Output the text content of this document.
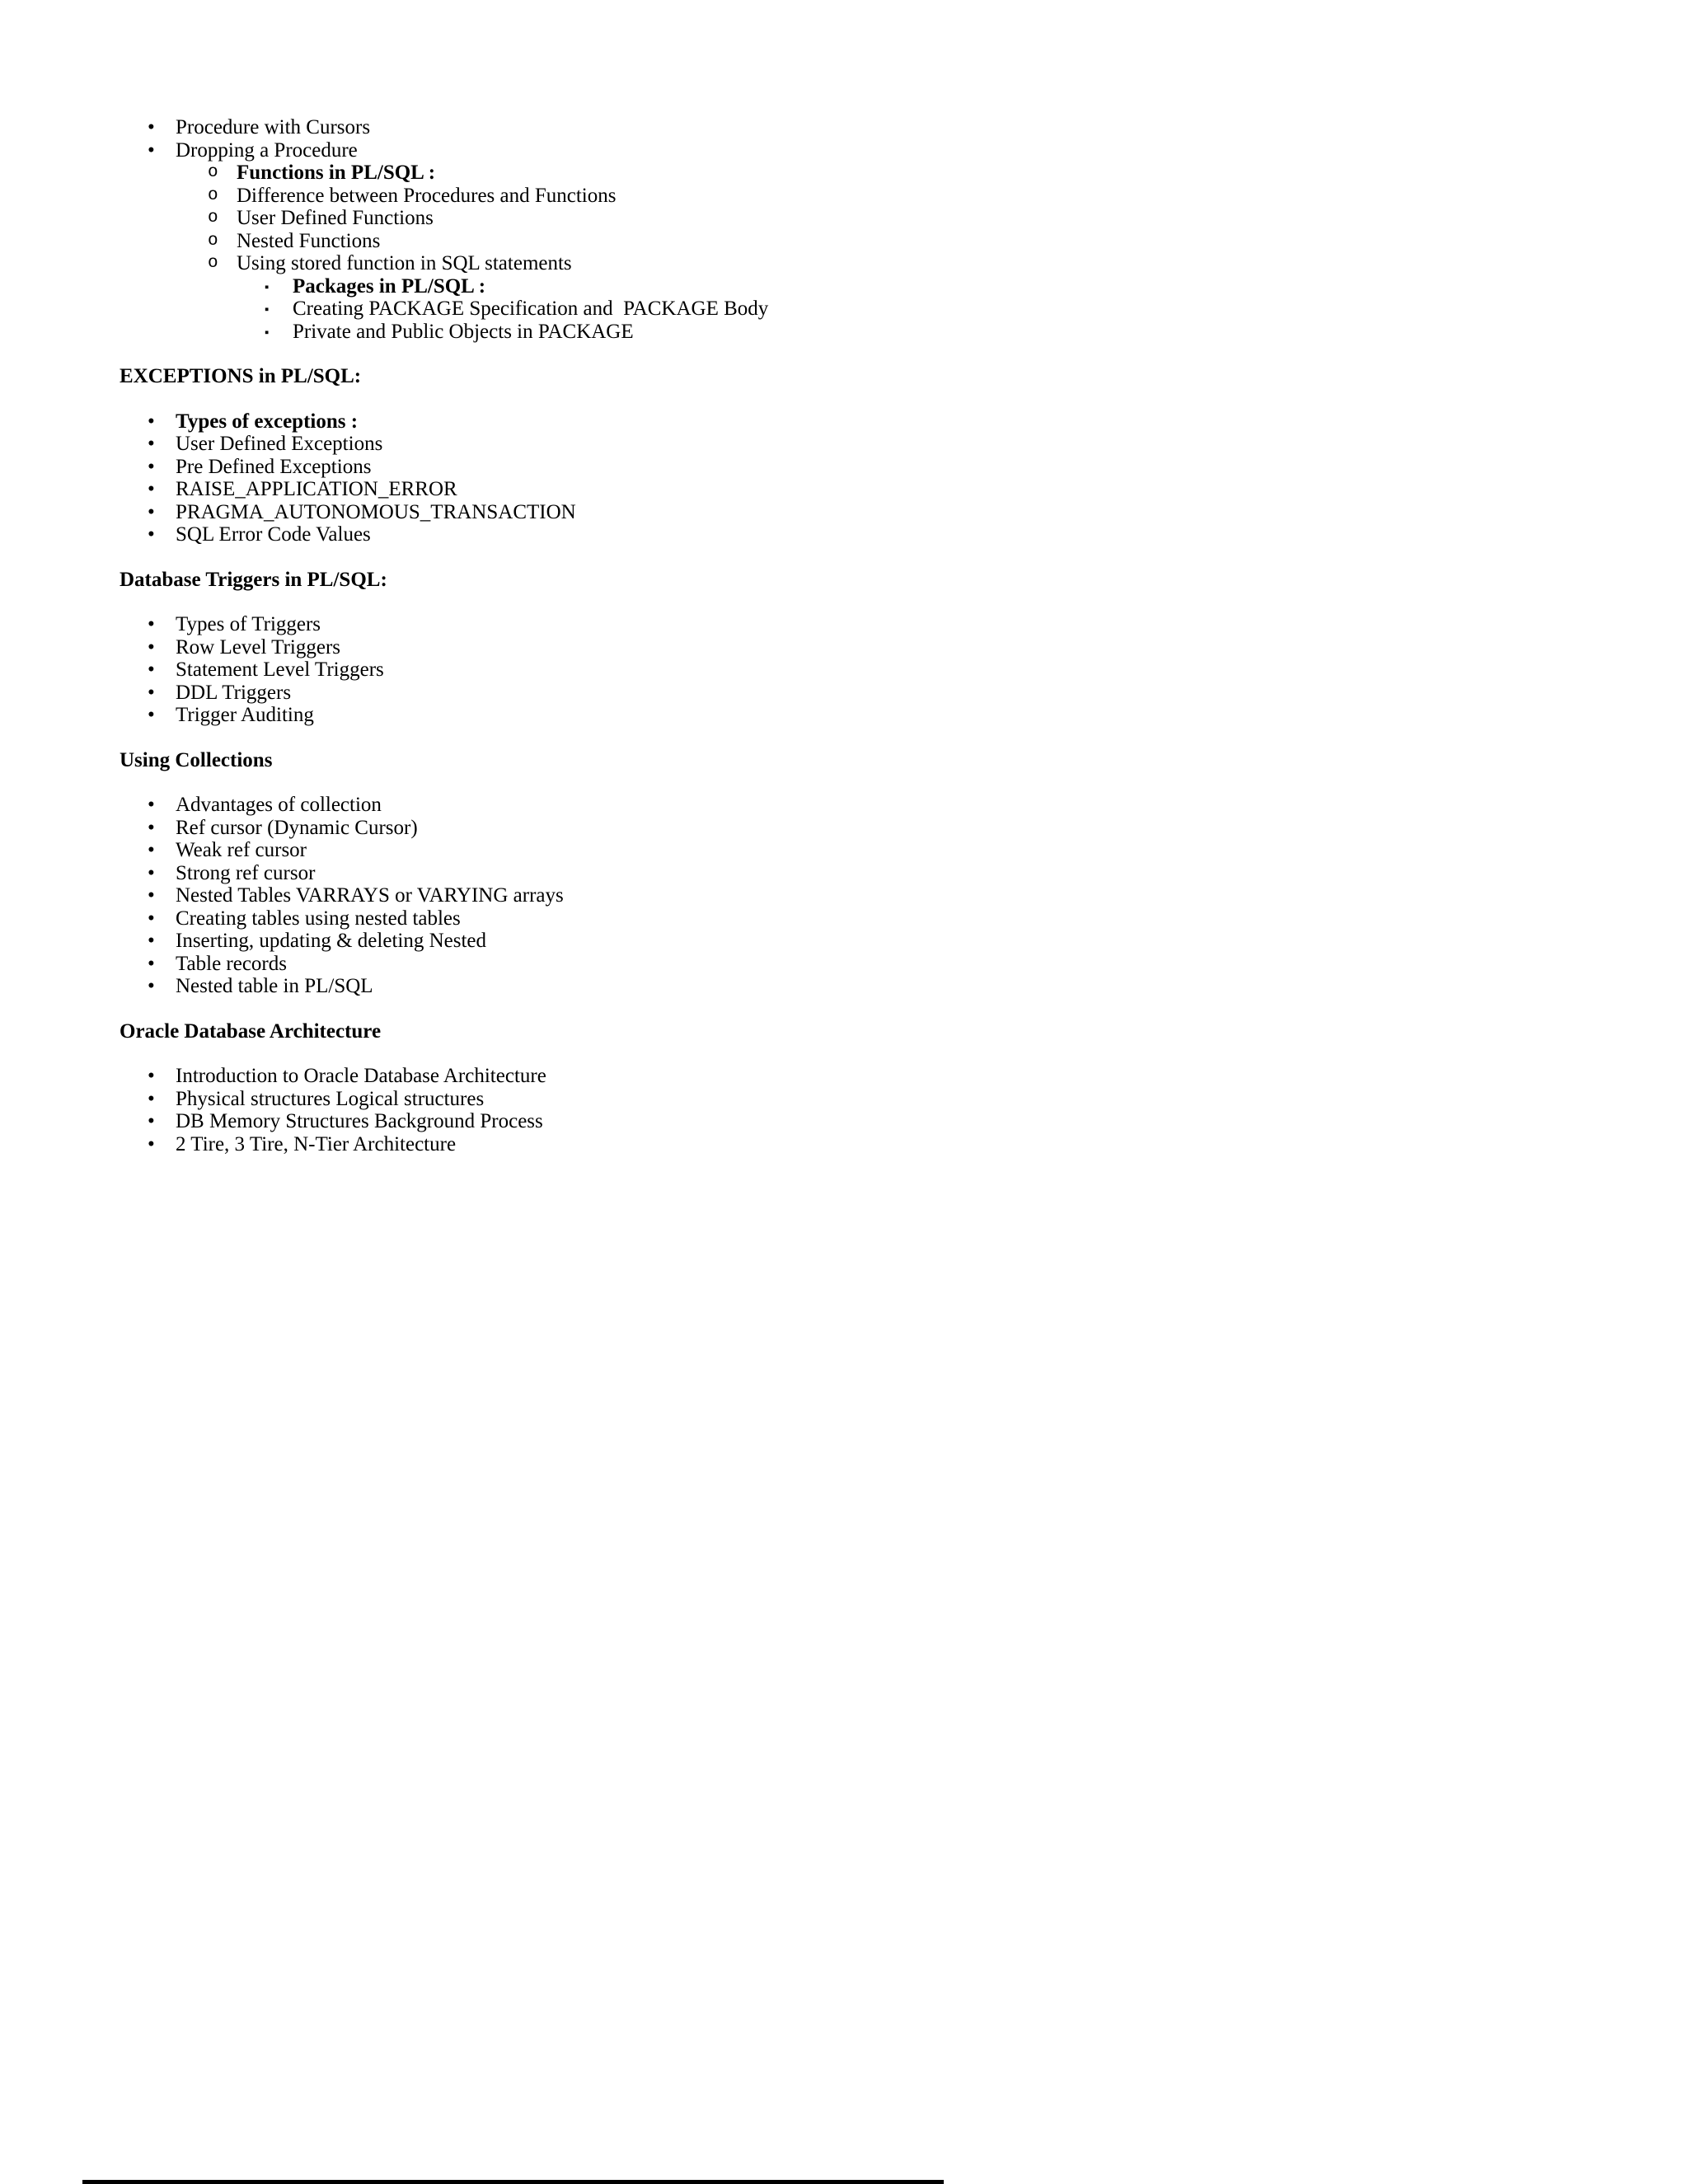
• Procedure with Cursors
• Dropping a Procedure
o Functions in PL/SQL :
o Difference between Procedures and Functions
o User Defined Functions
o Nested Functions
o Using stored function in SQL statements
▪ Packages in PL/SQL :
▪ Creating PACKAGE Specification and  PACKAGE Body
▪ Private and Public Objects in PACKAGE
EXCEPTIONS in PL/SQL:
• Types of exceptions :
• User Defined Exceptions
• Pre Defined Exceptions
• RAISE_APPLICATION_ERROR
• PRAGMA_AUTONOMOUS_TRANSACTION
• SQL Error Code Values
Database Triggers in PL/SQL:
• Types of Triggers
• Row Level Triggers
• Statement Level Triggers
• DDL Triggers
• Trigger Auditing
Using Collections
• Advantages of collection
• Ref cursor (Dynamic Cursor)
• Weak ref cursor
• Strong ref cursor
• Nested Tables VARRAYS or VARYING arrays
• Creating tables using nested tables
• Inserting, updating & deleting Nested
• Table records
• Nested table in PL/SQL
Oracle Database Architecture
• Introduction to Oracle Database Architecture
• Physical structures Logical structures
• DB Memory Structures Background Process
• 2 Tire, 3 Tire, N-Tier Architecture
